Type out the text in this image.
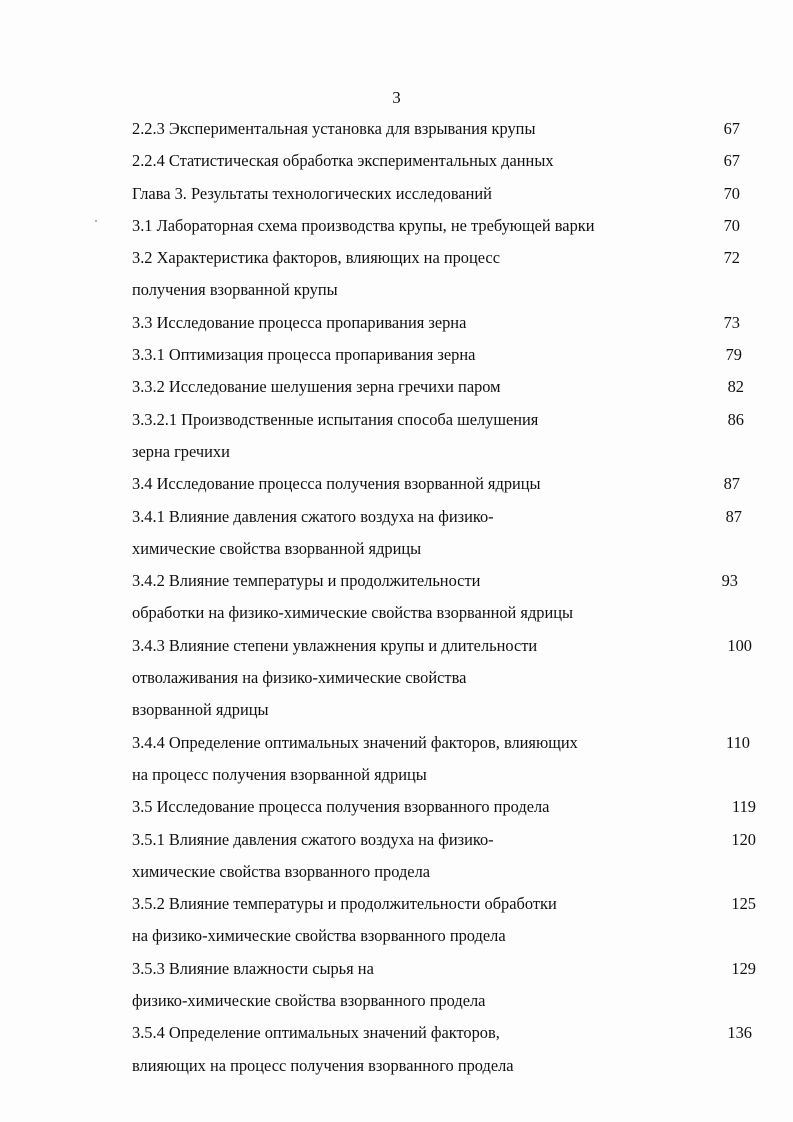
3
2.2.3 Экспериментальная установка для взрывания крупы	67
2.2.4 Статистическая обработка экспериментальных данных	67
Глава 3. Результаты технологических исследований	70
3.1 Лабораторная схема производства крупы, не требующей варки	70
3.2 Характеристика факторов, влияющих на процесс	72
получения взорванной крупы
3.3 Исследование процесса пропаривания зерна	73
3.3.1 Оптимизация процесса пропаривания зерна	79
3.3.2 Исследование шелушения зерна гречихи паром	82
3.3.2.1 Производственные испытания способа шелушения	86
зерна гречихи
3.4 Исследование процесса получения взорванной ядрицы	87
3.4.1 Влияние давления сжатого воздуха на физико-	87
химические свойства взорванной ядрицы
3.4.2 Влияние температуры и продолжительности	93
обработки на физико-химические свойства взорванной ядрицы
3.4.3 Влияние степени увлажнения крупы и длительности	100
отволаживания на физико-химические свойства
взорванной ядрицы
3.4.4 Определение оптимальных значений факторов, влияющих	110
на процесс получения взорванной ядрицы
3.5 Исследование процесса получения взорванного продела	119
3.5.1 Влияние давления сжатого воздуха на физико-	120
химические свойства взорванного продела
3.5.2 Влияние температуры и продолжительности обработки	125
на физико-химические свойства взорванного продела
3.5.3 Влияние влажности сырья на	129
физико-химические свойства взорванного продела
3.5.4 Определение оптимальных значений факторов,	136
влияющих на процесс получения взорванного продела
